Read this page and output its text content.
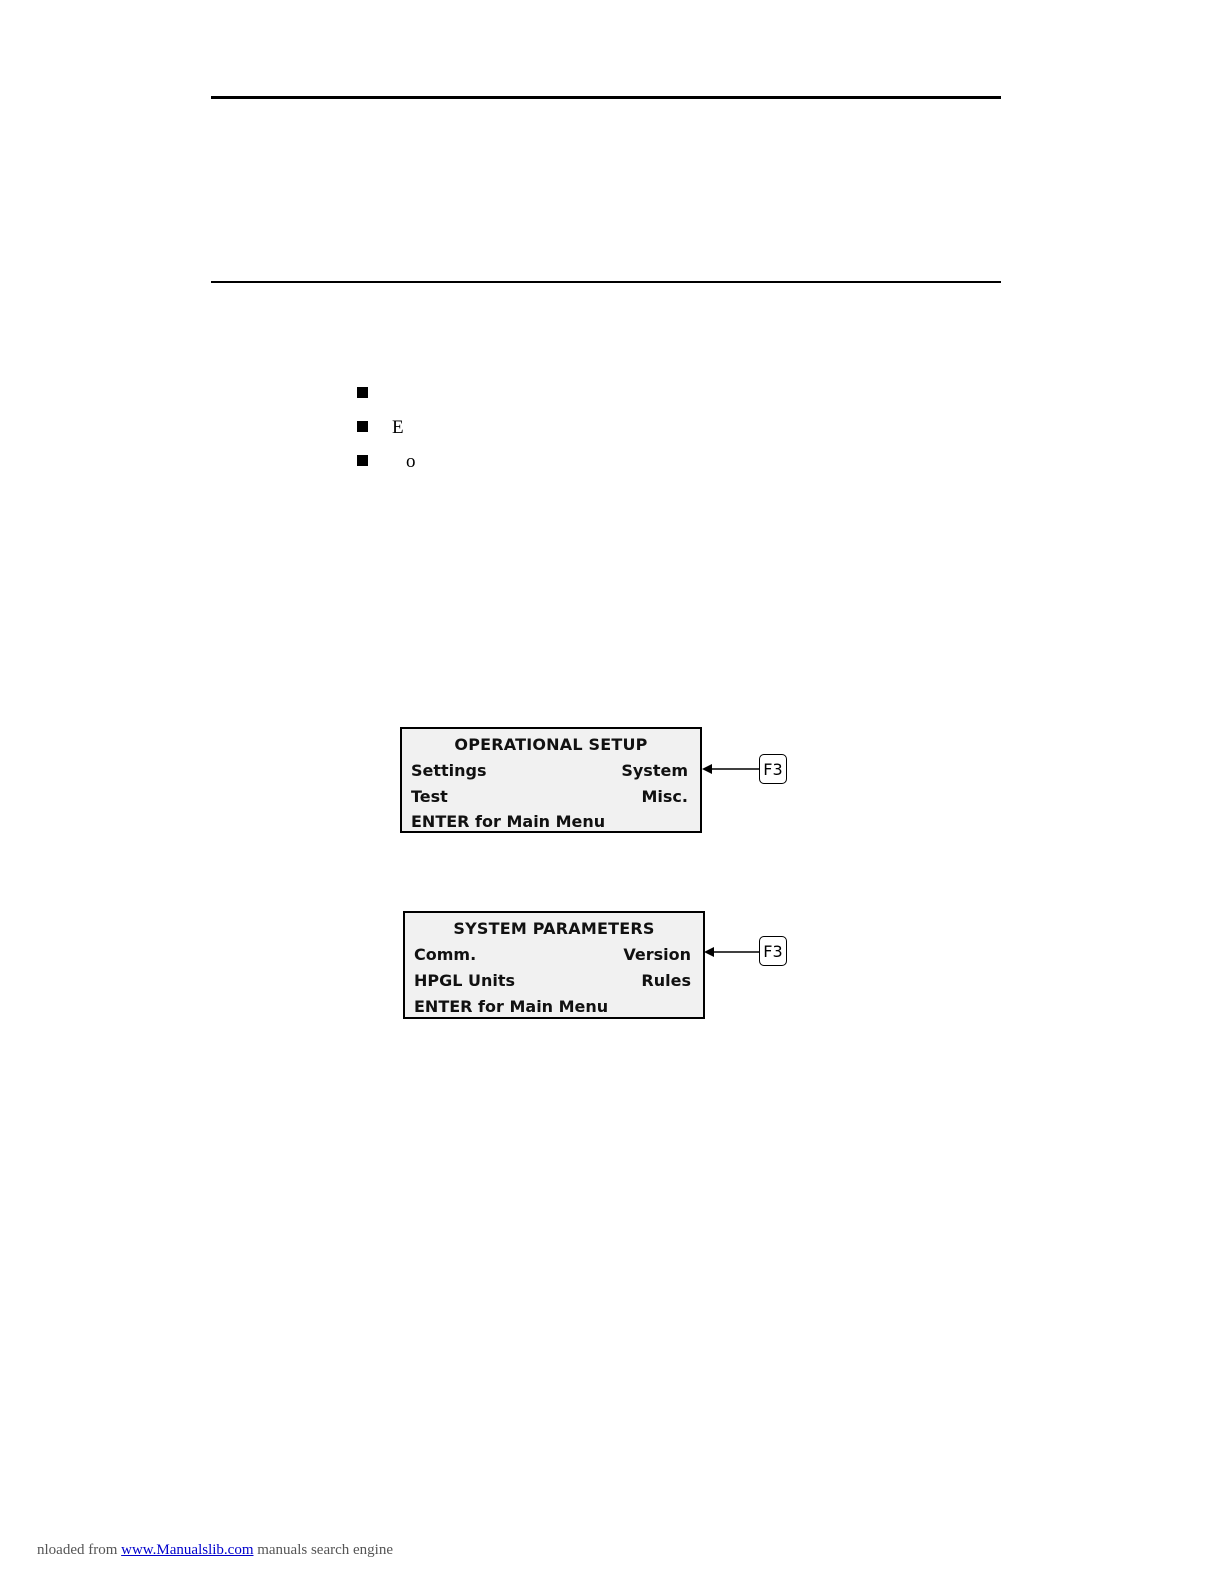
E
o
OPERATIONAL SETUP
Settings	System
Test	Misc.
ENTER for Main Menu
F3
SYSTEM PARAMETERS
Comm.	Version
HPGL Units	Rules
ENTER for Main Menu
F3
nloaded from www.Manualslib.com manuals search engine
